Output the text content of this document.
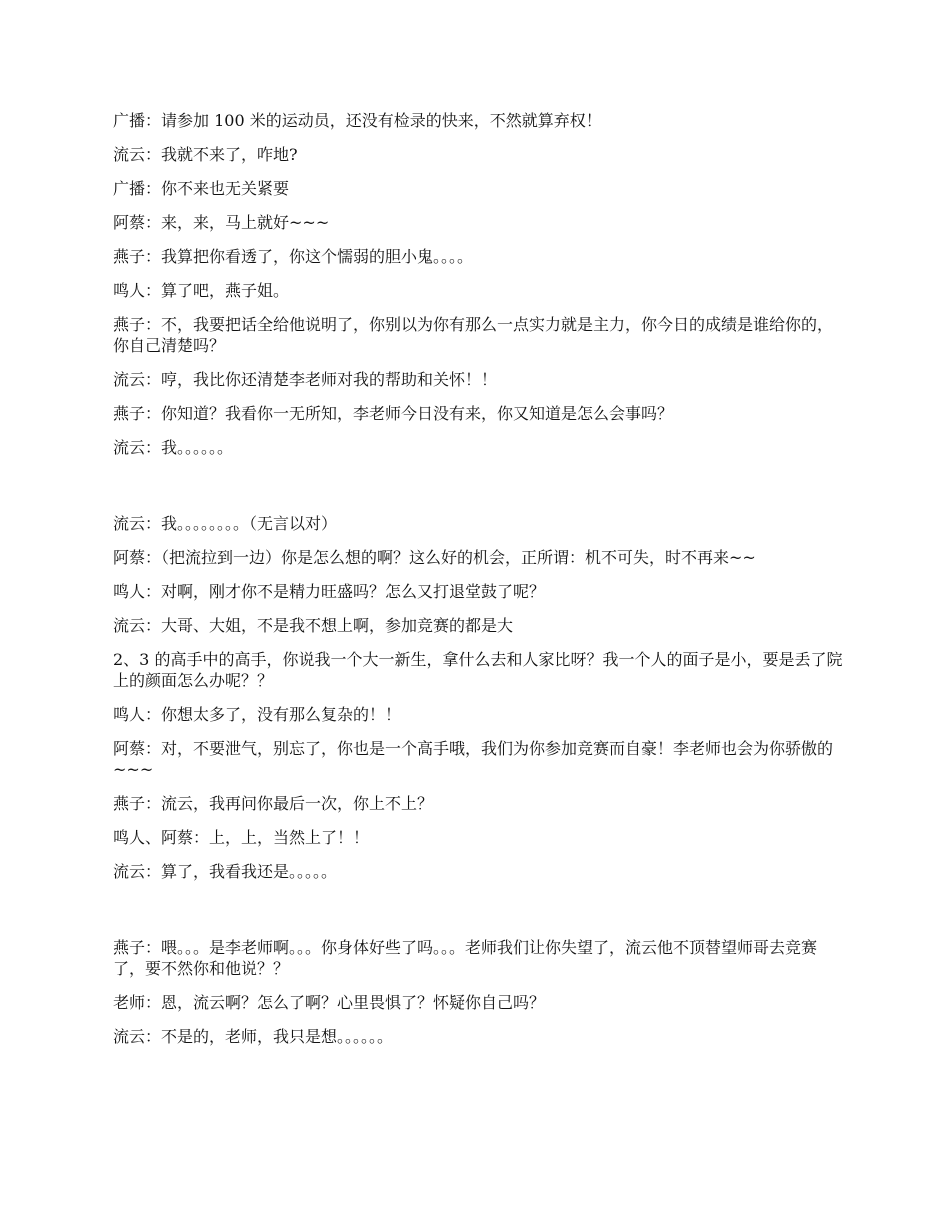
广播：请参加 100 米的运动员，还没有检录的快来，不然就算弃权！

流云：我就不来了，咋地?

广播：你不来也无关紧要

阿蔡：来，来，马上就好~~~

燕子：我算把你看透了，你这个懦弱的胆小鬼。。。。

鸣人：算了吧，燕子姐。

燕子：不，我要把话全给他说明了，你别以为你有那么一点实力就是主力，你今日的成绩是谁给你的，你自己清楚吗？

流云：哼，我比你还清楚李老师对我的帮助和关怀！！

燕子：你知道？我看你一无所知，李老师今日没有来，你又知道是怎么会事吗？

流云：我。。。。。。

流云：我。。。。。。。。（无言以对）

阿蔡：（把流拉到一边）你是怎么想的啊？这么好的机会，正所谓：机不可失，时不再来~~

鸣人：对啊，刚才你不是精力旺盛吗？怎么又打退堂鼓了呢？

流云：大哥、大姐，不是我不想上啊，参加竞赛的都是大

2、3 的高手中的高手，你说我一个大一新生，拿什么去和人家比呀？我一个人的面子是小，要是丢了院上的颜面怎么办呢？？

鸣人：你想太多了，没有那么复杂的！！

阿蔡：对，不要泄气，别忘了，你也是一个高手哦，我们为你参加竞赛而自豪！李老师也会为你骄傲的~~~

燕子：流云，我再问你最后一次，你上不上？

鸣人、阿蔡：上，上，当然上了！！

流云：算了，我看我还是。。。。。

燕子：喂。。。是李老师啊。。。你身体好些了吗。。。老师我们让你失望了，流云他不顶替望师哥去竞赛了，要不然你和他说？？

老师：恩，流云啊？怎么了啊？心里畏惧了？怀疑你自己吗？

流云：不是的，老师，我只是想。。。。。。
